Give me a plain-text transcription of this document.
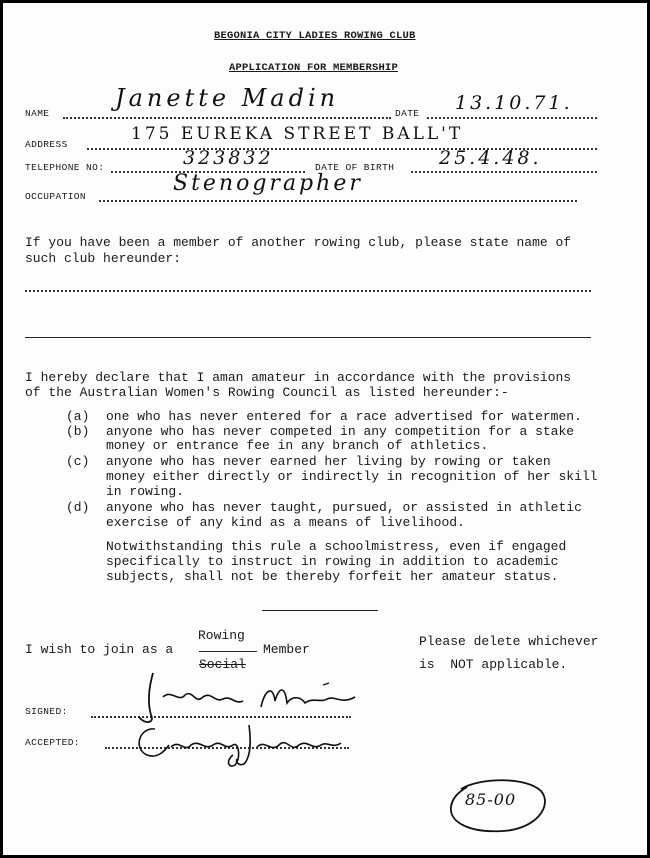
BEGONIA CITY LADIES ROWING CLUB
APPLICATION FOR MEMBERSHIP
NAME
Janette Madin
DATE 13.10.71.
ADDRESS
175 EUREKA STREET BALL'T
TELEPHONE NO:	323832	DATE OF BIRTH 25.4.48.
OCCUPATION
Stenographer
If you have been a member of another rowing club, please state name of
such club hereunder:
I hereby declare that I aman amateur in accordance with the provisions
of the Australian Women's Rowing Council as listed hereunder:-
(a) one who has never entered for a race advertised for watermen.
(b) anyone who has never competed in any competition for a stake
money or entrance fee in any branch of athletics.
(c) anyone who has never earned her living by rowing or taken
money either directly or indirectly in recognition of her skill
in rowing.
(d) anyone who has never taught, pursued, or assisted in athletic
exercise of any kind as a means of livelihood.
Notwithstanding this rule a schoolmistress, even if engaged
specifically to instruct in rowing in addition to academic
subjects, shall not be thereby forfeit her amateur status.
I wish to join as a
Rowing
Social
Member
Please delete whichever
is  NOT applicable.
SIGNED:
ACCEPTED:
85-00
